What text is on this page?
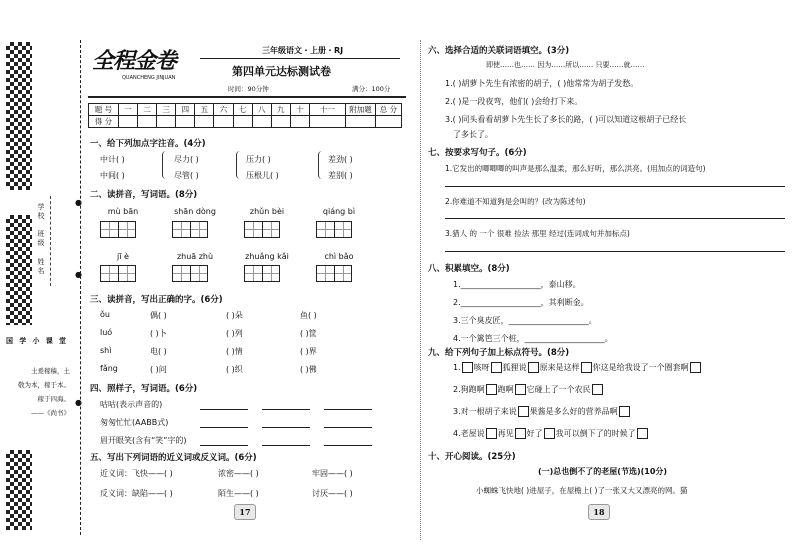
学校
班级
姓名
●
●
●
国 学 小 课 堂
土爰稼穑，土
敬为本，稼于本。
稼于四海。
——《尚书》
全程金卷
QUANCHENG JINJUAN
三年级语文・上册・RJ
第四单元达标测试卷
时间：90分钟	满分：100分
题 号	一	二	三	四	五	六	七	八	九	十	十一	附加题	总 分
得 分													
一、给下列加点字注音。(4分)
中计( )	尽力( )	压力( )	差劲( )
中间( )	尽管( )	压根儿( )	差别( )
二、读拼音，写词语。(8分)
mù bān	shān dòng	zhǔn bèi	qiáng bì
jī è	zhuā zhù	zhuǎng kǎi	chì bǎo
三、读拼音，写出正确的字。(6分)
ǒu	偶( )	( )朵	鱼( )
luó	( )卜	( )列	( )筐
shì	电( )	( )情	( )界
fǎng	( )问	( )织	( )佛
四、照样子，写词语。(6分)
咕咕(表示声音的)
匆匆忙忙(AABB式)
眉开眼笑(含有“笑”字的)
五、写出下列词语的近义词或反义词。(6分)
近义词：飞快——( )	浓密——( )	牢固——( )
反义词：缺陷——( )	陌生——( )	讨厌——( )
17
六、选择合适的关联词语填空。(3分)
即使……也…… 因为……所以…… 只要……就……
1.( )胡萝卜先生有浓密的胡子，( )他常常为胡子发愁。
2.( )是一段夜弯，他们( )会给打下来。
3.( )同头看看胡萝卜先生长了多长的路，( )可以知道这根胡子已经长
了多长了。
七、按要求写句子。(6分)
1.它发出的唧唧唧的叫声是那么温柔，那么好听，那么洪亮。(用加点的词造句)
2.你难道不知道狗是会叫的？(改为陈述句)
3.猎人 的 一个 很难 捡法 那里 经过(连词成句并加标点)
八、积累填空。(8分)
1.____________________，泰山移。
2.____________________，其利断金。
3.三个臭皮匠，____________________。
4.一个篱笆三个桩，____________________。
九、给下列句子加上标点符号。(8分)
1. 咳呀 狐狸说 原来是这样 你这是给我设了一个圈套啊
2.狗跑啊 跑啊 它碰上了一个农民
3.对一根胡子来说 果酱是多么好的营养品啊
4.老屋说 再见 好了 我可以倒下了的时候了
十、开心阅读。(25分)
(一)总也倒不了的老屋(节选)(10分)
小蜘蛛飞快地( )进屋子，在屋檐上( )了一张又大又漂亮的网。猫
18
